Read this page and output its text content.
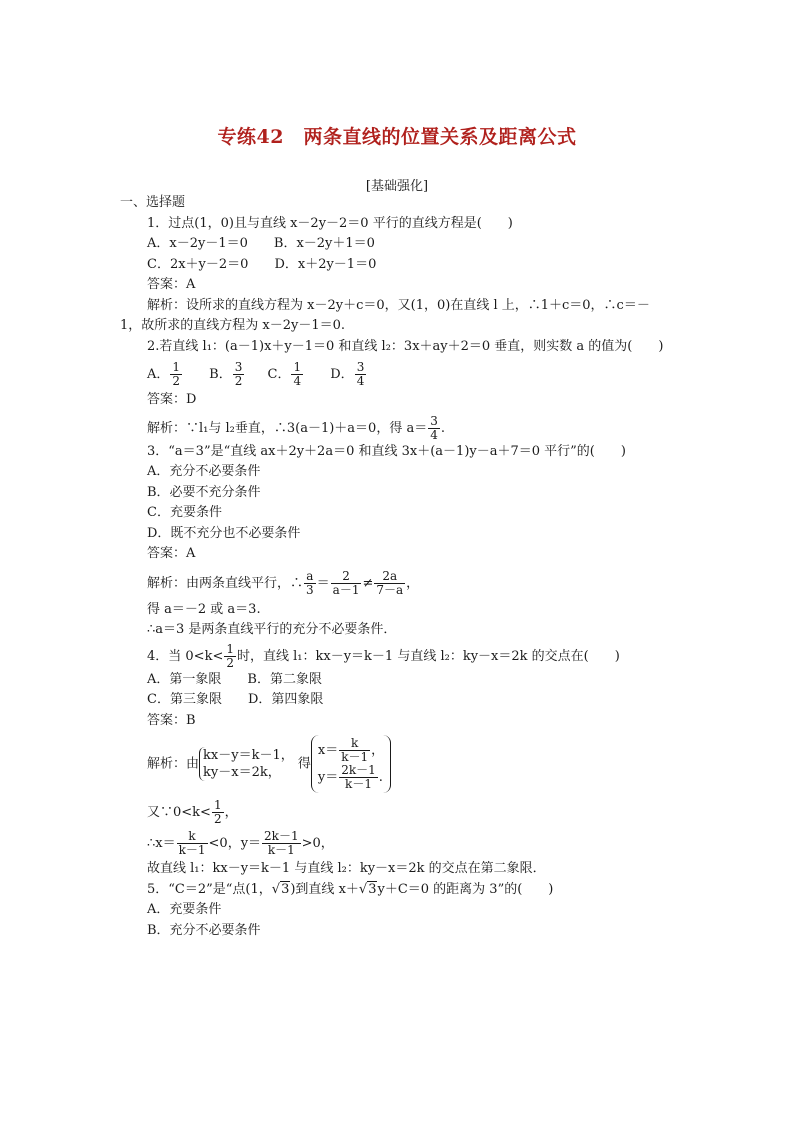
专练42　两条直线的位置关系及距离公式
[基础强化]
一、选择题
1．过点(1，0)且与直线 x－2y－2＝0 平行的直线方程是(　　)
A．x－2y－1＝0 B．x－2y＋1＝0
C．2x＋y－2＝0 D．x＋2y－1＝0
答案：A
解析：设所求的直线方程为 x－2y＋c＝0，又(1，0)在直线 l 上，∴1＋c＝0，∴c＝－
1，故所求的直线方程为 x－2y－1＝0.
2.若直线 l₁：(a－1)x＋y－1＝0 和直线 l₂：3x＋ay＋2＝0 垂直，则实数 a 的值为(　　)
A． $\frac{1}{2}$ B． $\frac{3}{2}$ C． $\frac{1}{4}$ D． $\frac{3}{4}$
答案：D
解析：∵l₁与 l₂垂直，∴3(a－1)＋a＝0，得 $a= \frac{3}{4}$ .
3．“a＝3”是“直线 ax＋2y＋2a＝0 和直线 3x＋(a－1)y－a＋7＝0 平行”的(　　)
A．充分不必要条件
B．必要不充分条件
C．充要条件
D．既不充分也不必要条件
答案：A
解析：由两条直线平行，∴ $\frac{a}{3} = \frac{2}{a-1} \ne \frac{2a}{7-a}$ ，
得 a＝－2 或 a＝3.
∴a＝3 是两条直线平行的充分不必要条件．
4．当 $0<k< \frac{1}{2}$ 时，直线 l₁：kx－y＝k－1 与直线 l₂：ky－x＝2k 的交点在(　　)
A．第一象限 B．第二象限
C．第三象限 D．第四象限
答案：B
解析：由
kx－y＝k－1，
ky－x＝2k，
得
$x= \frac{k}{k-1}$ ，
$y= \frac{2k-1}{k-1}$ .
又∵0<k< $\frac{1}{2}$ ，
∴x＝ $\frac{k}{k-1} <0$，$y= \frac{2k-1}{k-1} >0$，
故直线 l₁：kx－y＝k－1 与直线 l₂：ky－x＝2k 的交点在第二象限．
5．“C＝2”是“点(1，√3)到直线 x＋√3y＋C＝0 的距离为 3”的(　　)
A．充要条件
B．充分不必要条件
